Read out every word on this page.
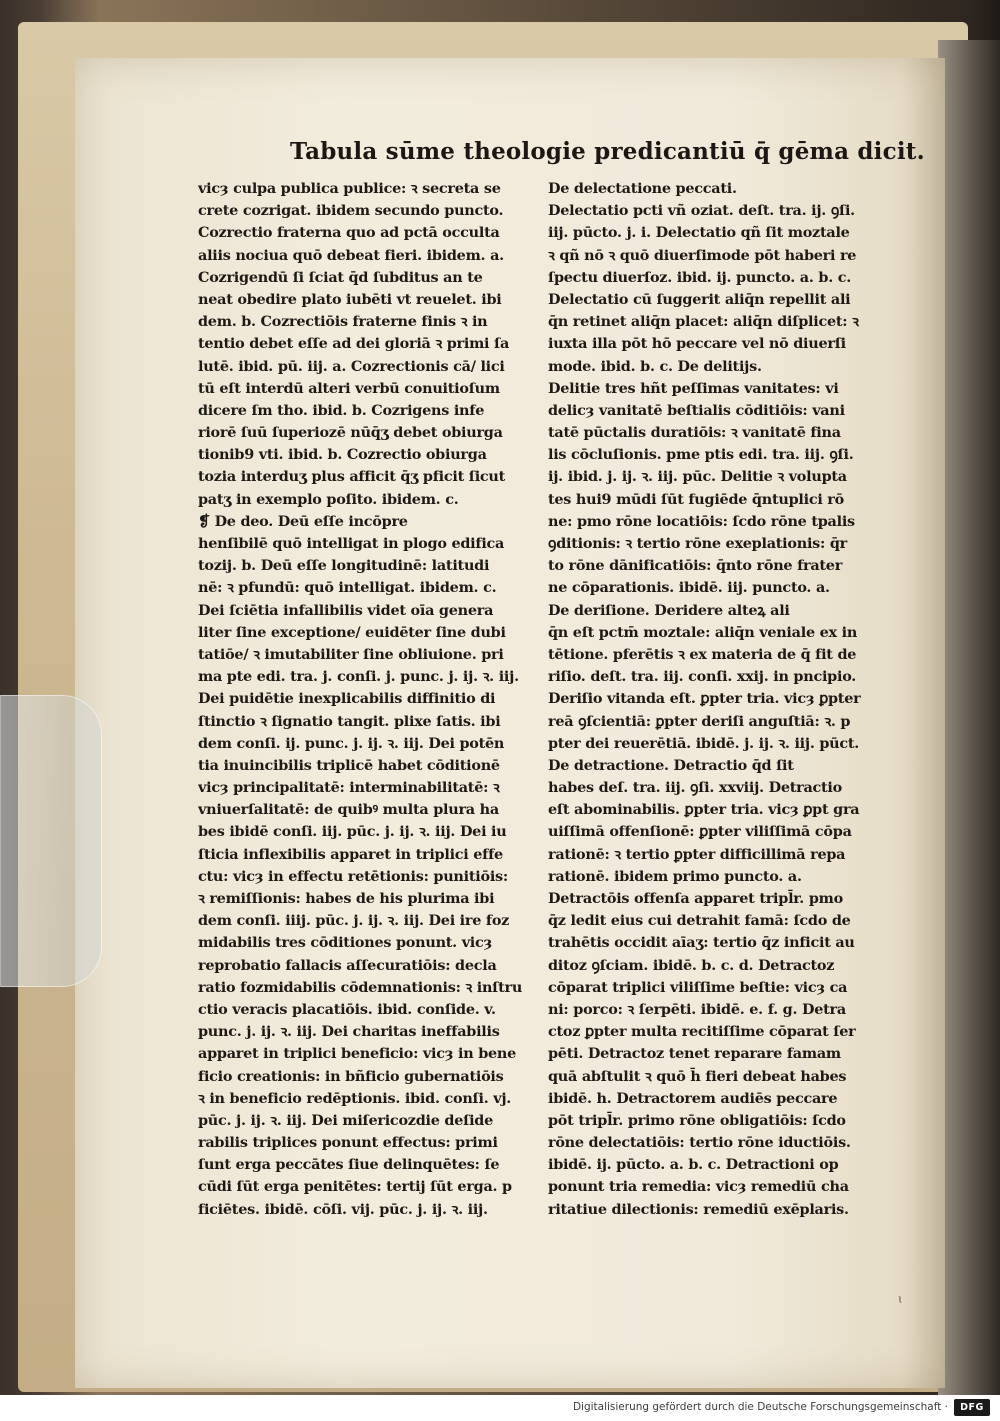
Tabula sūme theologie predicantiū q̄ gēma dicit.
vicȝ culpa publica publice: ꝛ secreta se
crete cozrigat. ibidem secundo puncto.
Cozrectio fraterna quo ad pctā occulta
aliis nociua quō debeat fieri. ibidem. a.
Cozrigendū ſi ſciat q̄d ſubditus an te
neat obedire plato iubēti vt reuelet. ibi
dem. b. Cozrectiōis fraterne finis ꝛ in
tentio debet eſſe ad dei gloriā ꝛ primi ſa
lutē. ibid. pū. iij. a. Cozrectionis cā/ lici
tū eſt interdū alteri verbū conuitioſum
dicere ſm tho. ibid. b. Cozrigens infe
riorē ſuū ſuperiozē nūq̄ʒ debet obiurga
tionib9 vti. ibid. b. Cozrectio obiurga
tozia interduʒ plus afficit q̄ʒ pficit ſicut
patʒ in exemplo poſito. ibidem. c.
❡ De deo. Deū eſſe incōpre
henſibilē quō intelligat in plogo edifica
tozij. b. Deū eſſe longitudinē: latitudi
nē: ꝛ pfundū: quō intelligat. ibidem. c.
Dei ſciētia infallibilis videt oīa genera
liter ſine exceptione/ euidēter ſine dubi
tatiōe/ ꝛ imutabiliter ſine obliuione. pri
ma pte edi. tra. j. conſi. j. punc. j. ij. ꝛ. iij.
Dei puidētie inexplicabilis diffinitio di
ſtinctio ꝛ ſignatio tangit. plixe ſatis. ibi
dem conſi. ij. punc. j. ij. ꝛ. iij. Dei potēn
tia inuincibilis triplicē habet cōditionē
vicȝ principalitatē: interminabilitatē: ꝛ
vniuerſalitatē: de quibꝰ multa plura ha
bes ibidē conſi. iij. pūc. j. ij. ꝛ. iij. Dei iu
ſticia inflexibilis apparet in triplici effe
ctu: vicȝ in effectu retētionis: punitiōis:
ꝛ remiſſionis: habes de his plurima ibi
dem conſi. iiij. pūc. j. ij. ꝛ. iij. Dei ire foz
midabilis tres cōditiones ponunt. vicȝ
reprobatio fallacis aſſecuratiōis: decla
ratio fozmidabilis cōdemnationis: ꝛ inſtru
ctio veracis placatiōis. ibid. conſide. v.
punc. j. ij. ꝛ. iij. Dei charitas ineffabilis
apparet in triplici beneficio: vicȝ in bene
ficio creationis: in bñficio gubernatiōis
ꝛ in beneficio redēptionis. ibid. conſi. vj.
pūc. j. ij. ꝛ. iij. Dei miſericozdie deſide
rabilis triplices ponunt effectus: primi
ſunt erga peccātes ſiue delinquētes: ſe
cūdi ſūt erga penitētes: tertij ſūt erga. p
ficiētes. ibidē. cōſi. vij. pūc. j. ij. ꝛ. iij.
De delectatione peccati.
Delectatio pcti vñ oziat. deſt. tra. ij. ꝯſi.
iij. pūcto. j. i. Delectatio qñ ſit moztale
ꝛ qñ nō ꝛ quō diuerſimode pōt haberi re
ſpectu diuerſoz. ibid. ij. puncto. a. b. c.
Delectatio cū ſuggerit aliq̄n repellit ali
q̄n retinet aliq̄n placet: aliq̄n diſplicet: ꝛ
iuxta illa pōt hō peccare vel nō diuerſi
mode. ibid. b. c. De delitijs.
Delitie tres hñt peſſimas vanitates: vi
delicȝ vanitatē beſtialis cōditiōis: vani
tatē pūctalis duratiōis: ꝛ vanitatē fina
lis cōcluſionis. pme ptis edi. tra. iij. ꝯſi.
ij. ibid. j. ij. ꝛ. iij. pūc. Delitie ꝛ volupta
tes hui9 mūdi ſūt fugiēde q̄ntuplici rō
ne: pmo rōne locatiōis: ſcdo rōne tpalis
ꝯditionis: ꝛ tertio rōne exeplationis: q̄r
to rōne dānificatiōis: q̄nto rōne frater
ne cōparationis. ibidē. iij. puncto. a.
De deriſione. Deridere alteꝝ ali
q̄n eſt pctm̄ moztale: aliq̄n veniale ex in
tētione. pferētis ꝛ ex materia de q̄ fit de
riſio. deſt. tra. iij. conſi. xxij. in pncipio.
Deriſio vitanda eſt. ꝑpter tria. vicȝ ꝑpter
reā ꝯſcientiā: ꝑpter deriſi anguſtiā: ꝛ. p
pter dei reuerētiā. ibidē. j. ij. ꝛ. iij. pūct.
De detractione. Detractio q̄d ſit
habes deſ. tra. iij. ꝯſi. xxviij. Detractio
eſt abominabilis. ꝑpter tria. vicȝ ꝑpt gra
uiſſimā offenſionē: ꝑpter viliſſimā cōpa
rationē: ꝛ tertio ꝑpter difficillimā repa
rationē. ibidem primo puncto. a.
Detractōis offenſa apparet tripl̄r. pmo
q̄z ledit eius cui detrahit famā: ſcdo de
trahētis occidit aīaʒ: tertio q̄z inficit au
ditoz ꝯſciam. ibidē. b. c. d. Detractoz
cōparat triplici viliſſime beſtie: vicȝ ca
ni: porco: ꝛ ſerpēti. ibidē. e. f. g. Detra
ctoz ꝑpter multa recitiſſime cōparat ſer
pēti. Detractoz tenet reparare famam
quā abſtulit ꝛ quō h̄ fieri debeat habes
ibidē. h. Detractorem audiēs peccare
pōt tripl̄r. primo rōne obligatiōis: ſcdo
rōne delectatiōis: tertio rōne iductiōis.
ibidē. ij. pūcto. a. b. c. Detractioni op
ponunt tria remedia: vicȝ remediū cha
ritatiue dilectionis: remediū exēplaris.
ɩ
Digitalisierung gefördert durch die Deutsche Forschungsgemeinschaft ·	DFG
